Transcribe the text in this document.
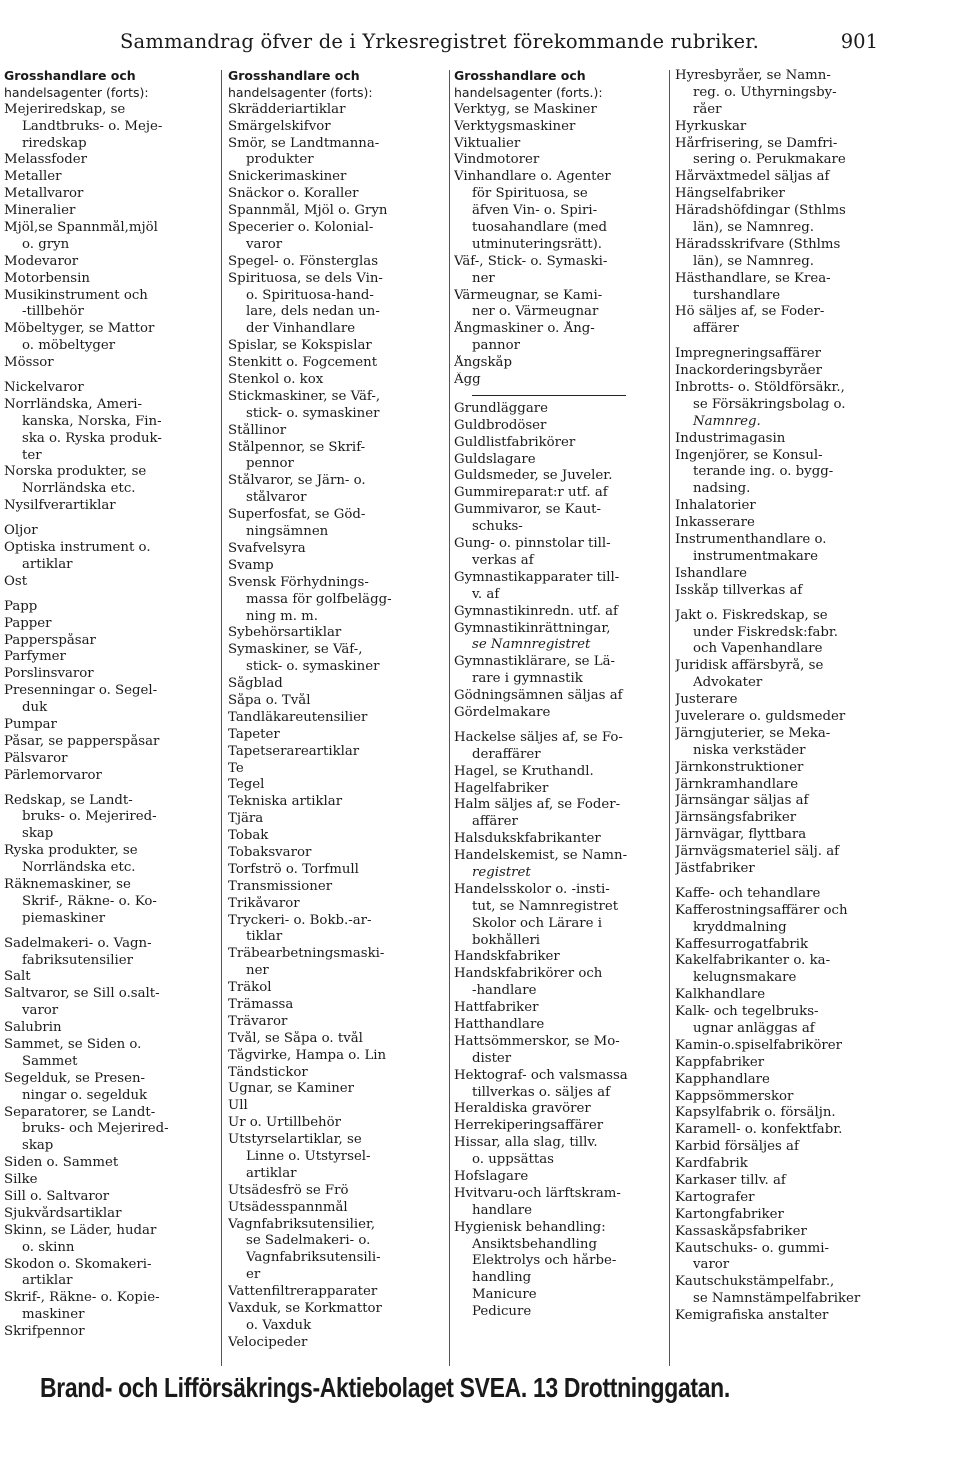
Sammandrag öfver de i Yrkesregistret förekommande rubriker.	901
Grosshandlare och
handelsagenter (forts):
Mejeriredskap, se
Landtbruks- o. Meje-
riredskap
Melassfoder
Metaller
Metallvaror
Mineralier
Mjöl,se Spannmål,mjöl
o. gryn
Modevaror
Motorbensin
Musikinstrument och
-tillbehör
Möbeltyger, se Mattor
o. möbeltyger
Mössor
Nickelvaror
Norrländska, Ameri-
kanska, Norska, Fin-
ska o. Ryska produk-
ter
Norska produkter, se
Norrländska etc.
Nysilfverartiklar
Oljor
Optiska instrument o.
artiklar
Ost
Papp
Papper
Papperspåsar
Parfymer
Porslinsvaror
Presenningar o. Segel-
duk
Pumpar
Påsar, se papperspåsar
Pälsvaror
Pärlemorvaror
Redskap, se Landt-
bruks- o. Mejerired-
skap
Ryska produkter, se
Norrländska etc.
Räknemaskiner, se
Skrif-, Räkne- o. Ko-
piemaskiner
Sadelmakeri- o. Vagn-
fabriksutensilier
Salt
Saltvaror, se Sill o.salt-
varor
Salubrin
Sammet, se Siden o.
Sammet
Segelduk, se Presen-
ningar o. segelduk
Separatorer, se Landt-
bruks- och Mejerired-
skap
Siden o. Sammet
Silke
Sill o. Saltvaror
Sjukvårdsartiklar
Skinn, se Läder, hudar
o. skinn
Skodon o. Skomakeri-
artiklar
Skrif-, Räkne- o. Kopie-
maskiner
Skrifpennor
Grosshandlare och
handelsagenter (forts):
Skrädderiartiklar
Smärgelskifvor
Smör, se Landtmanna-
produkter
Snickerimaskiner
Snäckor o. Koraller
Spannmål, Mjöl o. Gryn
Specerier o. Kolonial-
varor
Spegel- o. Fönsterglas
Spirituosa, se dels Vin-
o. Spirituosa-hand-
lare, dels nedan un-
der Vinhandlare
Spislar, se Kokspislar
Stenkitt o. Fogcement
Stenkol o. kox
Stickmaskiner, se Väf-,
stick- o. symaskiner
Stållinor
Stålpennor, se Skrif-
pennor
Stålvaror, se Järn- o.
stålvaror
Superfosfat, se Göd-
ningsämnen
Svafvelsyra
Svamp
Svensk Förhydnings-
massa för golfbelägg-
ning m. m.
Sybehörsartiklar
Symaskiner, se Väf-,
stick- o. symaskiner
Sågblad
Såpa o. Tvål
Tandläkareutensilier
Tapeter
Tapetserareartiklar
Te
Tegel
Tekniska artiklar
Tjära
Tobak
Tobaksvaror
Torfströ o. Torfmull
Transmissioner
Trikåvaror
Tryckeri- o. Bokb.-ar-
tiklar
Träbearbetningsmaski-
ner
Träkol
Trämassa
Trävaror
Tvål, se Såpa o. tvål
Tågvirke, Hampa o. Lin
Tändstickor
Ugnar, se Kaminer
Ull
Ur o. Urtillbehör
Utstyrselartiklar, se
Linne o. Utstyrsel-
artiklar
Utsädesfrö se Frö
Utsädesspannmål
Vagnfabriksutensilier,
se Sadelmakeri- o.
Vagnfabriksutensili-
er
Vattenfiltrerapparater
Vaxduk, se Korkmattor
o. Vaxduk
Velocipeder
Grosshandlare och
handelsagenter (forts.):
Verktyg, se Maskiner
Verktygsmaskiner
Viktualier
Vindmotorer
Vinhandlare o. Agenter
för Spirituosa, se
äfven Vin- o. Spiri-
tuosahandlare (med
utminuteringsrätt).
Väf-, Stick- o. Symaski-
ner
Värmeugnar, se Kami-
ner o. Värmeugnar
Ångmaskiner o. Ång-
pannor
Ångskåp
Ägg
Grundläggare
Guldbrodöser
Guldlistfabrikörer
Guldslagare
Guldsmeder, se Juveler.
Gummireparat:r utf. af
Gummivaror, se Kaut-
schuks-
Gung- o. pinnstolar till-
verkas af
Gymnastikapparater till-
v. af
Gymnastikinredn. utf. af
Gymnastikinrättningar,
se Namnregistret
Gymnastiklärare, se Lä-
rare i gymnastik
Gödningsämnen säljas af
Gördelmakare
Hackelse säljes af, se Fo-
deraffärer
Hagel, se Kruthandl.
Hagelfabriker
Halm säljes af, se Foder-
affärer
Halsdukskfabrikanter
Handelskemist, se Namn-
registret
Handelsskolor o. -insti-
tut, se Namnregistret
Skolor och Lärare i
bokhålleri
Handskfabriker
Handskfabrikörer och
-handlare
Hattfabriker
Hatthandlare
Hattsömmerskor, se Mo-
dister
Hektograf- och valsmassa
tillverkas o. säljes af
Heraldiska gravörer
Herrekiperingsaffärer
Hissar, alla slag, tillv.
o. uppsättas
Hofslagare
Hvitvaru-och lärftskram-
handlare
Hygienisk behandling:
Ansiktsbehandling
Elektrolys och hårbe-
handling
Manicure
Pedicure
Hyresbyråer, se Namn-
reg. o. Uthyrningsby-
råer
Hyrkuskar
Hårfrisering, se Damfri-
sering o. Perukmakare
Hårväxtmedel säljas af
Hängselfabriker
Häradshöfdingar (Sthlms
län), se Namnreg.
Häradsskrifvare (Sthlms
län), se Namnreg.
Hästhandlare, se Krea-
turshandlare
Hö säljes af, se Foder-
affärer
Impregneringsaffärer
Inackorderingsbyråer
Inbrotts- o. Stöldförsäkr.,
se Försäkringsbolag o.
Namnreg.
Industrimagasin
Ingenjörer, se Konsul-
terande ing. o. bygg-
nadsing.
Inhalatorier
Inkasserare
Instrumenthandlare o.
instrumentmakare
Ishandlare
Isskåp tillverkas af
Jakt o. Fiskredskap, se
under Fiskredsk:fabr.
och Vapenhandlare
Juridisk affärsbyrå, se
Advokater
Justerare
Juvelerare o. guldsmeder
Järngjuterier, se Meka-
niska verkstäder
Järnkonstruktioner
Järnkramhandlare
Järnsängar säljas af
Järnsängsfabriker
Järnvägar, flyttbara
Järnvägsmateriel sälj. af
Jästfabriker
Kaffe- och tehandlare
Kafferostningsaffärer och
kryddmalning
Kaffesurrogatfabrik
Kakelfabrikanter o. ka-
kelugnsmakare
Kalkhandlare
Kalk- och tegelbruks-
ugnar anläggas af
Kamin-o.spiselfabrikörer
Kappfabriker
Kapphandlare
Kappsömmerskor
Kapsylfabrik o. försäljn.
Karamell- o. konfektfabr.
Karbid försäljes af
Kardfabrik
Karkaser tillv. af
Kartografer
Kartongfabriker
Kassaskåpsfabriker
Kautschuks- o. gummi-
varor
Kautschukstämpelfabr.,
se Namnstämpelfabriker
Kemigrafiska anstalter
Brand- och Lifförsäkrings-Aktiebolaget SVEA. 13 Drottninggatan.
